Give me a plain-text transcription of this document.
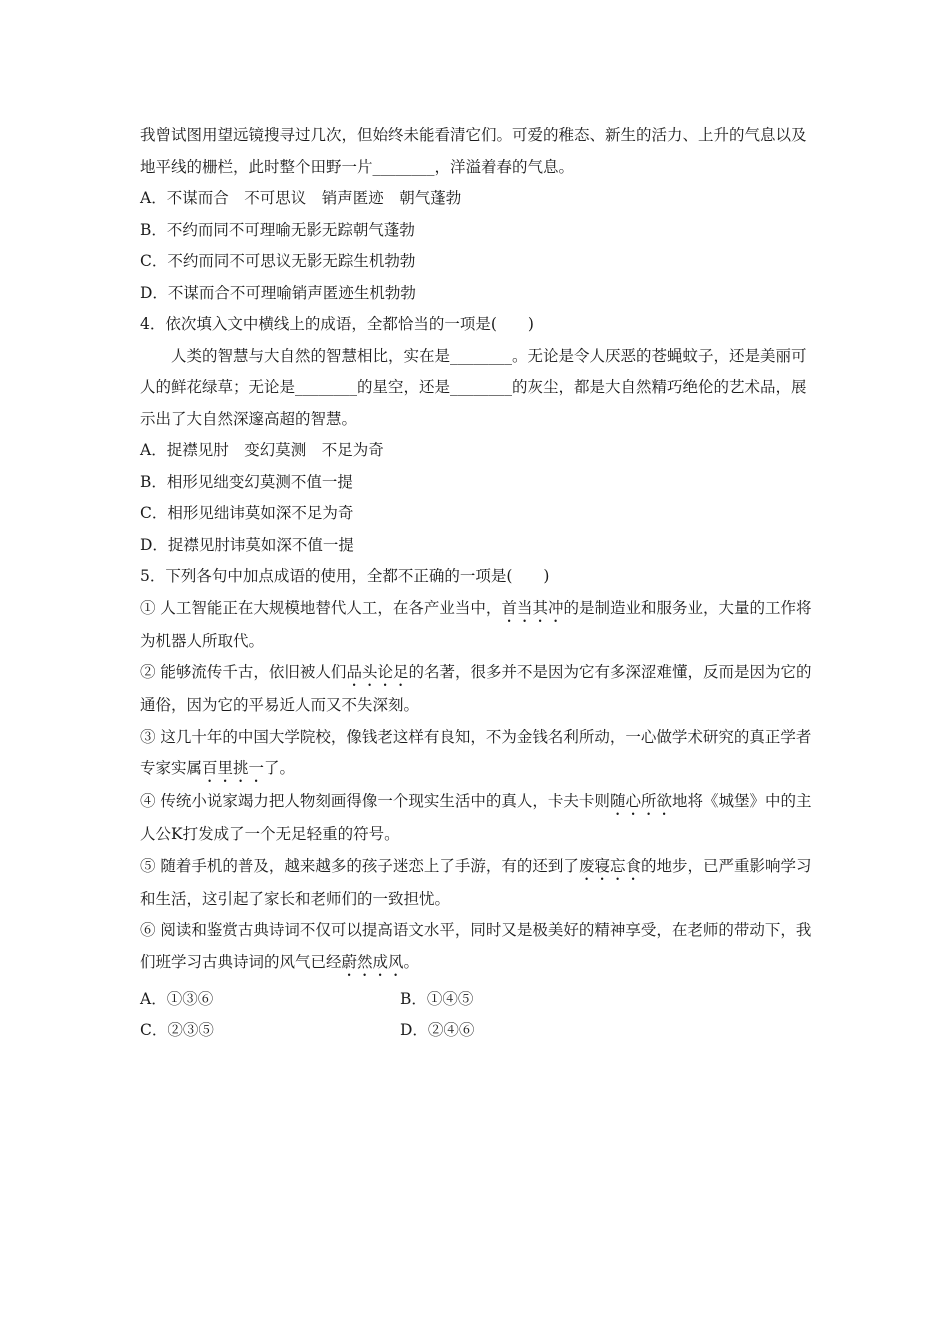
我曾试图用望远镜搜寻过几次，但始终未能看清它们。可爱的稚态、新生的活力、上升的气息以及地平线的栅栏，此时整个田野一片________，洋溢着春的气息。

A．不谋而合　不可思议　销声匿迹　朝气蓬勃

B．不约而同不可理喻无影无踪朝气蓬勃

C．不约而同不可思议无影无踪生机勃勃

D．不谋而合不可理喻销声匿迹生机勃勃

4．依次填入文中横线上的成语，全都恰当的一项是(　　)

人类的智慧与大自然的智慧相比，实在是________。无论是令人厌恶的苍蝇蚊子，还是美丽可人的鲜花绿草；无论是________的星空，还是________的灰尘，都是大自然精巧绝伦的艺术品，展示出了大自然深邃高超的智慧。

A．捉襟见肘　变幻莫测　不足为奇

B．相形见绌变幻莫测不值一提

C．相形见绌讳莫如深不足为奇

D．捉襟见肘讳莫如深不值一提

5．下列各句中加点成语的使用，全都不正确的一项是(　　)

① 人工智能正在大规模地替代人工，在各产业当中，首当其冲的是制造业和服务业，大量的工作将为机器人所取代。

② 能够流传千古，依旧被人们品头论足的名著，很多并不是因为它有多深涩难懂，反而是因为它的通俗，因为它的平易近人而又不失深刻。

③ 这几十年的中国大学院校，像钱老这样有良知，不为金钱名利所动，一心做学术研究的真正学者专家实属百里挑一了。

④ 传统小说家竭力把人物刻画得像一个现实生活中的真人，卡夫卡则随心所欲地将《城堡》中的主人公K打发成了一个无足轻重的符号。

⑤ 随着手机的普及，越来越多的孩子迷恋上了手游，有的还到了废寝忘食的地步，已严重影响学习和生活，这引起了家长和老师们的一致担忧。

⑥ 阅读和鉴赏古典诗词不仅可以提高语文水平，同时又是极美好的精神享受，在老师的带动下，我们班学习古典诗词的风气已经蔚然成风。

A．①③⑥	B．①④⑤
C．②③⑤	D．②④⑥
